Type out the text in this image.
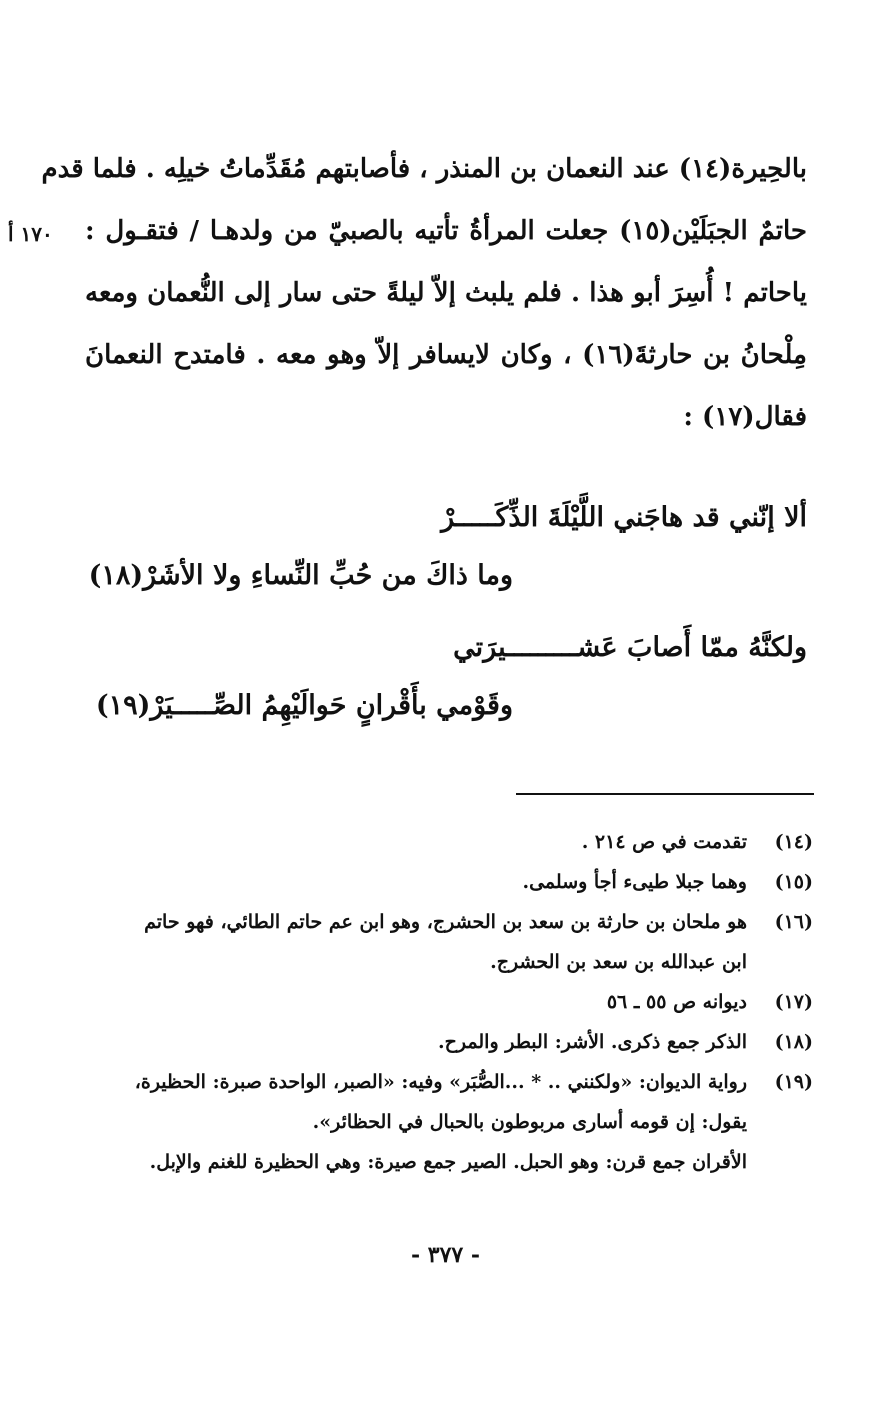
بالحِيرة(١٤) عند النعمان بن المنذر ، فأصابتهم مُقَدِّماتُ خيلِه . فلما قدم
حاتمٌ الجبَلَيْن(١٥) جعلت المرأةُ تأتيه بالصبيّ من ولدهـا / فتقـول :
ياحاتم ! أُسِرَ أبو هذا . فلم يلبث إلاّ ليلةً حتى سار إلى النُّعمان ومعه
مِلْحانُ بن حارثةَ(١٦) ، وكان لايسافر إلاّ وهو معه . فامتدح النعمانَ
فقال(١٧) :
١٧٠ أ
ألا إنّني قد هاجَني اللَّيْلَةَ الذِّكَـــــرْ
وما ذاكَ من حُبِّ النِّساءِ ولا الأشَرْ(١٨)
ولكنَّهُ ممّا أَصابَ عَشـــــــــيرَتي
وقَوْمي بأَقْرانٍ حَوالَيْهِمُ الصِّـــــيَرْ(١٩)
(١٤)
تقدمت في ص ٢١٤ .
(١٥)
وهما جبلا طيىء أجأ وسلمى.
(١٦)
هو ملحان بن حارثة بن سعد بن الحشرج، وهو ابن عم حاتم الطائي، فهو حاتم
ابن عبدالله بن سعد بن الحشرج.
(١٧)
ديوانه ص ٥٥ ـ ٥٦
(١٨)
الذكر جمع ذكرى. الأشر: البطر والمرح.
(١٩)
رواية الديوان: «ولكنني .. * ...الصُّبَر» وفيه: «الصبر، الواحدة صبرة: الحظيرة،
يقول: إن قومه أسارى مربوطون بالحبال في الحظائر».
الأقران جمع قرن: وهو الحبل. الصير جمع صيرة: وهي الحظيرة للغنم والإبل.
- ٣٧٧ -
